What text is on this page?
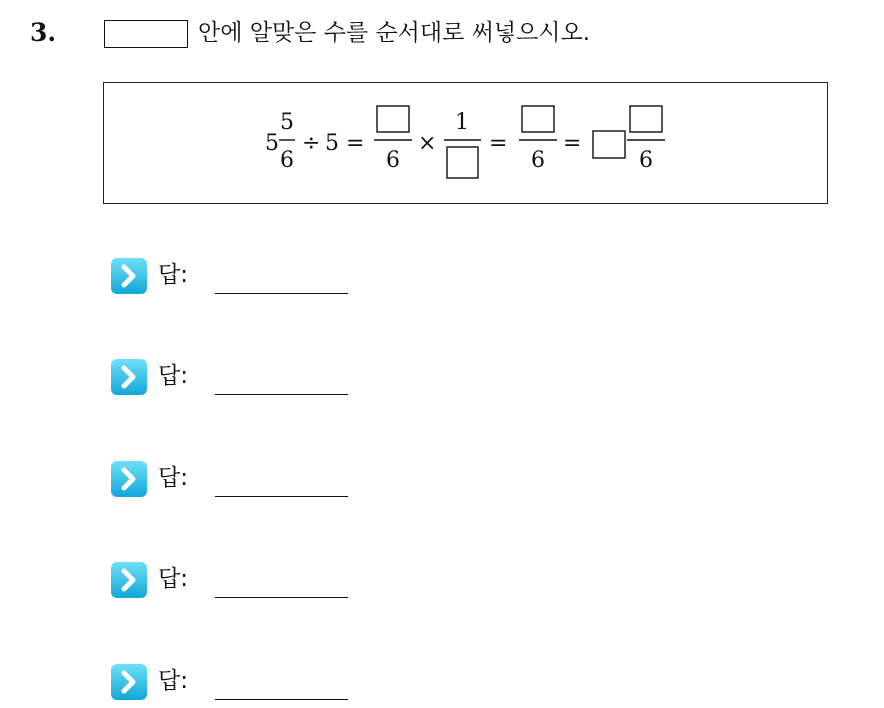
3.	안에 알맞은 수를 순서대로 써넣으시오.
5
5
6
÷ 5 =
6
×
1
=
6
=
6
답:
답:
답:
답:
답:
